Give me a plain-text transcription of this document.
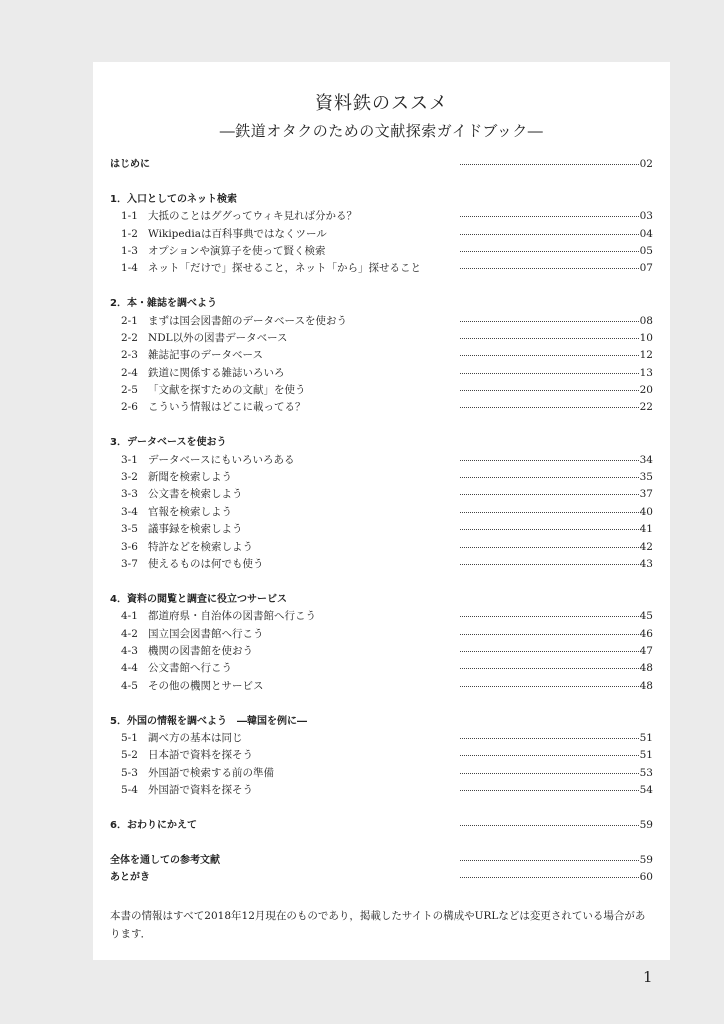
資料鉄のススメ
―鉄道オタクのための文献探索ガイドブック―
はじめに	02
1．入口としてのネット検索
1-1 大抵のことはググってウィキ見れば分かる？	03
1-2 Wikipediaは百科事典ではなくツール	04
1-3 オプションや演算子を使って賢く検索	05
1-4 ネット「だけで」探せること，ネット「から」探せること	07
2．本・雑誌を調べよう
2-1 まずは国会図書館のデータベースを使おう	08
2-2 NDL以外の図書データベース	10
2-3 雑誌記事のデータベース	12
2-4 鉄道に関係する雑誌いろいろ	13
2-5 「文献を探すための文献」を使う	20
2-6 こういう情報はどこに載ってる？	22
3．データベースを使おう
3-1 データベースにもいろいろある	34
3-2 新聞を検索しよう	35
3-3 公文書を検索しよう	37
3-4 官報を検索しよう	40
3-5 議事録を検索しよう	41
3-6 特許などを検索しよう	42
3-7 使えるものは何でも使う	43
4．資料の閲覧と調査に役立つサービス
4-1 都道府県・自治体の図書館へ行こう	45
4-2 国立国会図書館へ行こう	46
4-3 機関の図書館を使おう	47
4-4 公文書館へ行こう	48
4-5 その他の機関とサービス	48
5．外国の情報を調べよう　―韓国を例に―
5-1 調べ方の基本は同じ	51
5-2 日本語で資料を探そう	51
5-3 外国語で検索する前の準備	53
5-4 外国語で資料を探そう	54
6．おわりにかえて	59
全体を通しての参考文献	59
あとがき	60
本書の情報はすべて2018年12月現在のものであり，掲載したサイトの構成やURLなどは変更されている場合があります．
1
